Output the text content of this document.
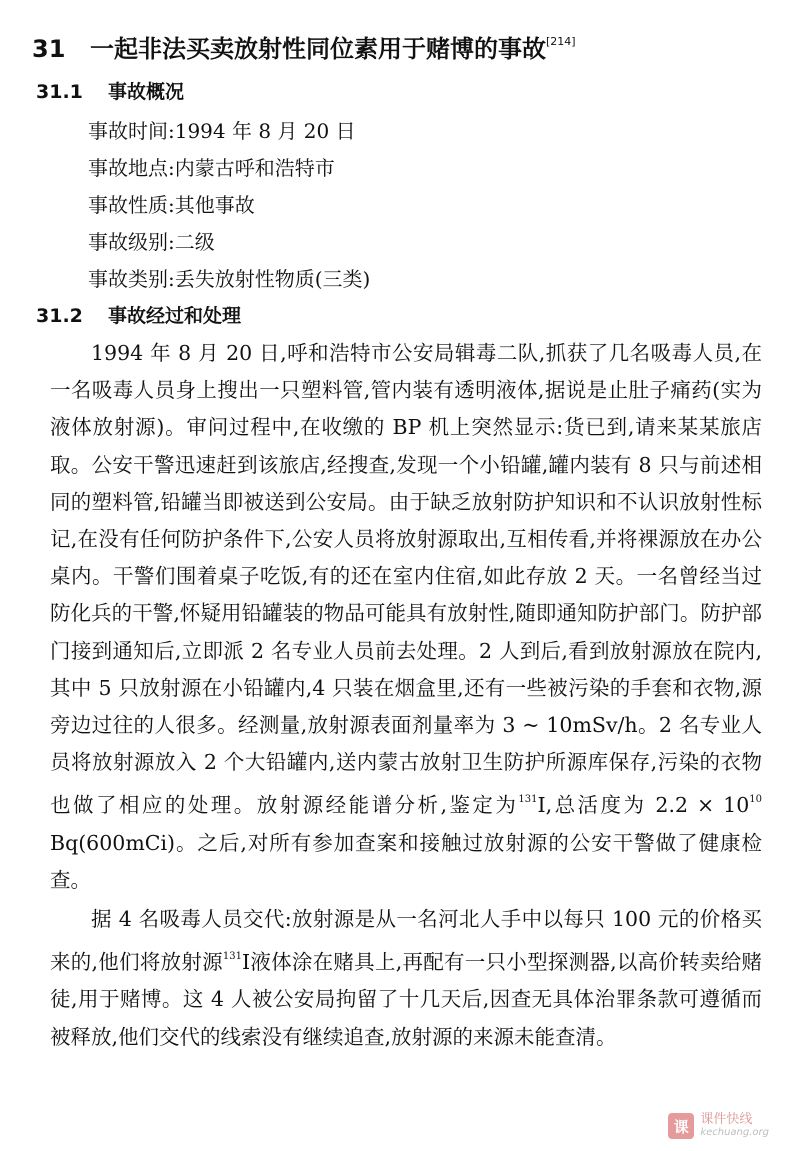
31 一起非法买卖放射性同位素用于赌博的事故[214]
31.1 事故概况
事故时间:1994 年 8 月 20 日
事故地点:内蒙古呼和浩特市
事故性质:其他事故
事故级别:二级
事故类别:丢失放射性物质(三类)
31.2 事故经过和处理

1994 年 8 月 20 日,呼和浩特市公安局辑毒二队,抓获了几名吸毒人员,在一名吸毒人员身上搜出一只塑料管,管内装有透明液体,据说是止肚子痛药(实为液体放射源)。审问过程中,在收缴的 BP 机上突然显示:货已到,请来某某旅店取。公安干警迅速赶到该旅店,经搜查,发现一个小铅罐,罐内装有 8 只与前述相同的塑料管,铅罐当即被送到公安局。由于缺乏放射防护知识和不认识放射性标记,在没有任何防护条件下,公安人员将放射源取出,互相传看,并将裸源放在办公桌内。干警们围着桌子吃饭,有的还在室内住宿,如此存放 2 天。一名曾经当过防化兵的干警,怀疑用铅罐装的物品可能具有放射性,随即通知防护部门。防护部门接到通知后,立即派 2 名专业人员前去处理。2 人到后,看到放射源放在院内,其中 5 只放射源在小铅罐内,4 只装在烟盒里,还有一些被污染的手套和衣物,源旁边过往的人很多。经测量,放射源表面剂量率为 3 ~ 10mSv/h。2 名专业人员将放射源放入 2 个大铅罐内,送内蒙古放射卫生防护所源库保存,污染的衣物也做了相应的处理。放射源经能谱分析,鉴定为$^{131}$I,总活度为 $2.2 \times 10^{10}$ Bq(600mCi)。之后,对所有参加查案和接触过放射源的公安干警做了健康检查。

据 4 名吸毒人员交代:放射源是从一名河北人手中以每只 100 元的价格买来的,他们将放射源$^{131}$I液体涂在赌具上,再配有一只小型探测器,以高价转卖给赌徒,用于赌博。这 4 人被公安局拘留了十几天后,因查无具体治罪条款可遵循而被释放,他们交代的线索没有继续追查,放射源的来源未能查清。

课 课件快线
kechuang.org
